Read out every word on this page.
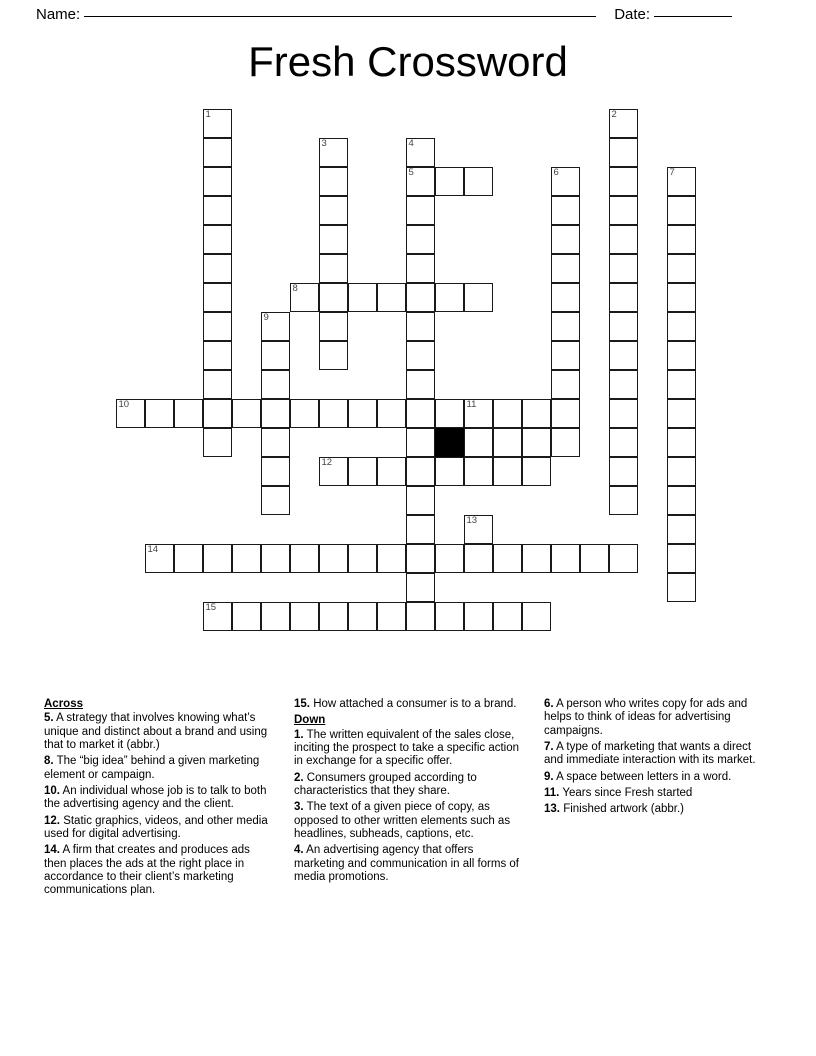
Name:	Date:
Fresh Crossword
1	2
3	4
5	6	7
8
9
10	11
12
13
14
15
Across
5. A strategy that involves knowing what’s unique and distinct about a brand and using that to market it (abbr.)
8. The “big idea” behind a given marketing element or campaign.
10. An individual whose job is to talk to both the advertising agency and the client.
12. Static graphics, videos, and other media used for digital advertising.
14. A firm that creates and produces ads then places the ads at the right place in accordance to their client’s marketing communications plan.
15. How attached a consumer is to a brand.
Down
1. The written equivalent of the sales close, inciting the prospect to take a specific action in exchange for a specific offer.
2. Consumers grouped according to characteristics that they share.
3. The text of a given piece of copy, as opposed to other written elements such as headlines, subheads, captions, etc.
4. An advertising agency that offers marketing and communication in all forms of media promotions.
6. A person who writes copy for ads and helps to think of ideas for advertising campaigns.
7. A type of marketing that wants a direct and immediate interaction with its market.
9. A space between letters in a word.
11. Years since Fresh started
13. Finished artwork (abbr.)
